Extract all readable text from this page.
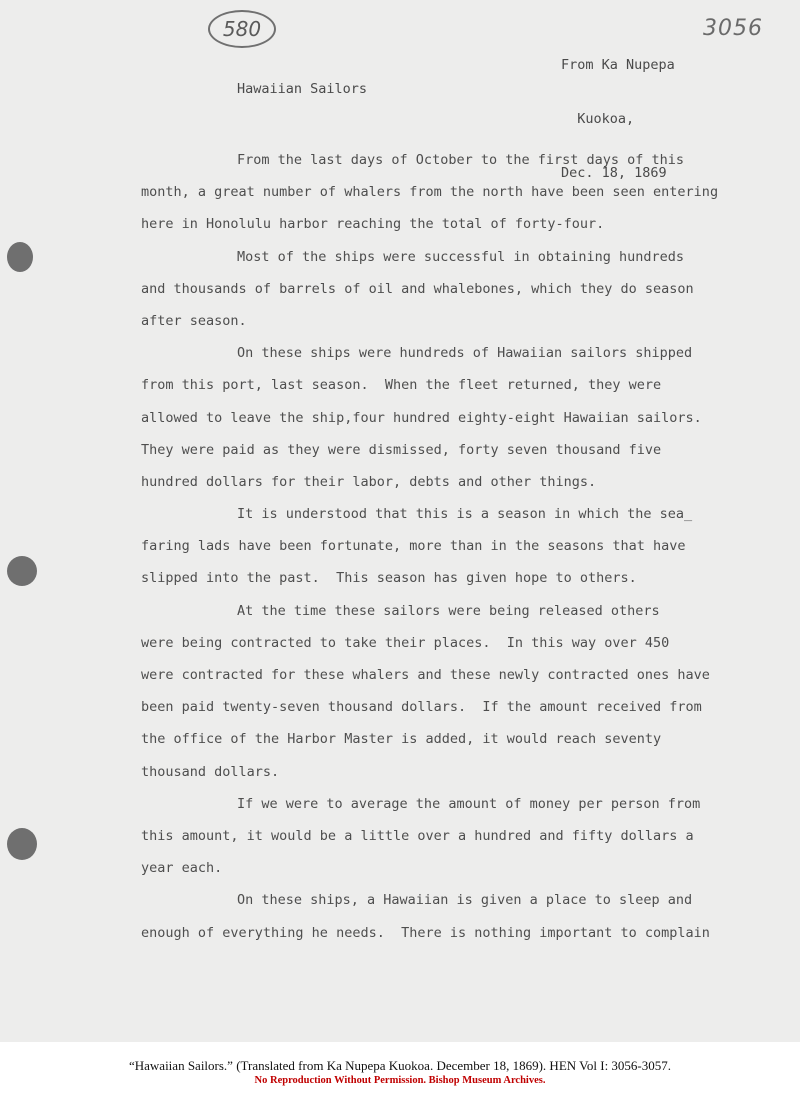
580	3056

From Ka Nupepa

Kuokoa,

Dec. 18, 1869

Hawaiian Sailors
From the last days of October to the first days of this
month, a great number of whalers from the north have been seen entering
here in Honolulu harbor reaching the total of forty-four.
Most of the ships were successful in obtaining hundreds
and thousands of barrels of oil and whalebones, which they do season
after season.
On these ships were hundreds of Hawaiian sailors shipped
from this port, last season.  When the fleet returned, they were
allowed to leave the ship,four hundred eighty-eight Hawaiian sailors.
They were paid as they were dismissed, forty seven thousand five
hundred dollars for their labor, debts and other things.
It is understood that this is a season in which the sea_
faring lads have been fortunate, more than in the seasons that have
slipped into the past.  This season has given hope to others.
At the time these sailors were being released others
were being contracted to take their places.  In this way over 450
were contracted for these whalers and these newly contracted ones have
been paid twenty-seven thousand dollars.  If the amount received from
the office of the Harbor Master is added, it would reach seventy
thousand dollars.
If we were to average the amount of money per person from
this amount, it would be a little over a hundred and fifty dollars a
year each.
On these ships, a Hawaiian is given a place to sleep and
enough of everything he needs.  There is nothing important to complain
“Hawaiian Sailors.” (Translated from Ka Nupepa Kuokoa. December 18, 1869). HEN Vol I: 3056-3057.
No Reproduction Without Permission. Bishop Museum Archives.
